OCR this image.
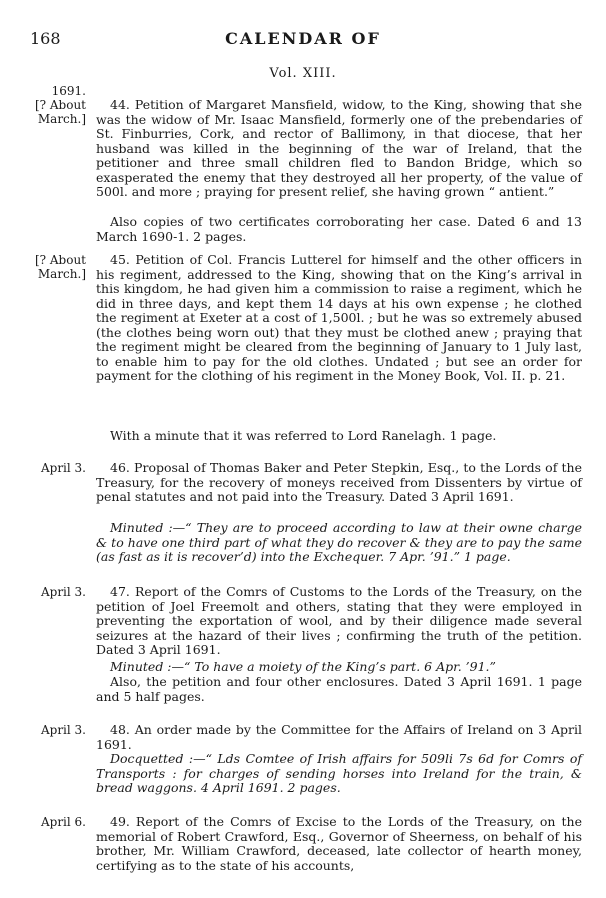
168	CALENDAR OF
Vol. XIII.
1691.
[? About
March.]
44. Petition of Margaret Mansfield, widow, to the King, showing that she was the widow of Mr. Isaac Mansfield, formerly one of the prebendaries of St. Finburries, Cork, and rector of Ballimony, in that diocese, that her husband was killed in the beginning of the war of Ireland, that the petitioner and three small children fled to Bandon Bridge, which so exasperated the enemy that they destroyed all her property, of the value of 500l. and more ; praying for present relief, she having grown “ antient.”
Also copies of two certificates corroborating her case. Dated 6 and 13 March 1690-1. 2 pages.
[? About
March.]
45. Petition of Col. Francis Lutterel for himself and the other officers in his regiment, addressed to the King, showing that on the King’s arrival in this kingdom, he had given him a commission to raise a regiment, which he did in three days, and kept them 14 days at his own expense ; he clothed the regiment at Exeter at a cost of 1,500l. ; but he was so extremely abused (the clothes being worn out) that they must be clothed anew ; praying that the regiment might be cleared from the beginning of January to 1 July last, to enable him to pay for the old clothes. Undated ; but see an order for payment for the clothing of his regiment in the Money Book, Vol. II. p. 21.
With a minute that it was referred to Lord Ranelagh. 1 page.
April 3.	46. Proposal of Thomas Baker and Peter Stepkin, Esq., to the Lords of the Treasury, for the recovery of moneys received from Dissenters by virtue of penal statutes and not paid into the Treasury. Dated 3 April 1691.
Minuted :—“ They are to proceed according to law at their owne charge & to have one third part of what they do recover & they are to pay the same (as fast as it is recover’d) into the Exchequer. 7 Apr. ’91.” 1 page.
April 3.	47. Report of the Comrs of Customs to the Lords of the Treasury, on the petition of Joel Freemolt and others, stating that they were employed in preventing the exportation of wool, and by their diligence made several seizures at the hazard of their lives ; confirming the truth of the petition. Dated 3 April 1691.
Minuted :—“ To have a moiety of the King’s part. 6 Apr. ’91.”
Also, the petition and four other enclosures. Dated 3 April 1691. 1 page and 5 half pages.
April 3.	48. An order made by the Committee for the Affairs of Ireland on 3 April 1691.
Docquetted :—“ Lds Comtee of Irish affairs for 509li 7s 6d for Comrs of Transports : for charges of sending horses into Ireland for the train, & bread waggons. 4 April 1691. 2 pages.
April 6.	49. Report of the Comrs of Excise to the Lords of the Treasury, on the memorial of Robert Crawford, Esq., Governor of Sheerness, on behalf of his brother, Mr. William Crawford, deceased, late collector of hearth money, certifying as to the state of his accounts,
